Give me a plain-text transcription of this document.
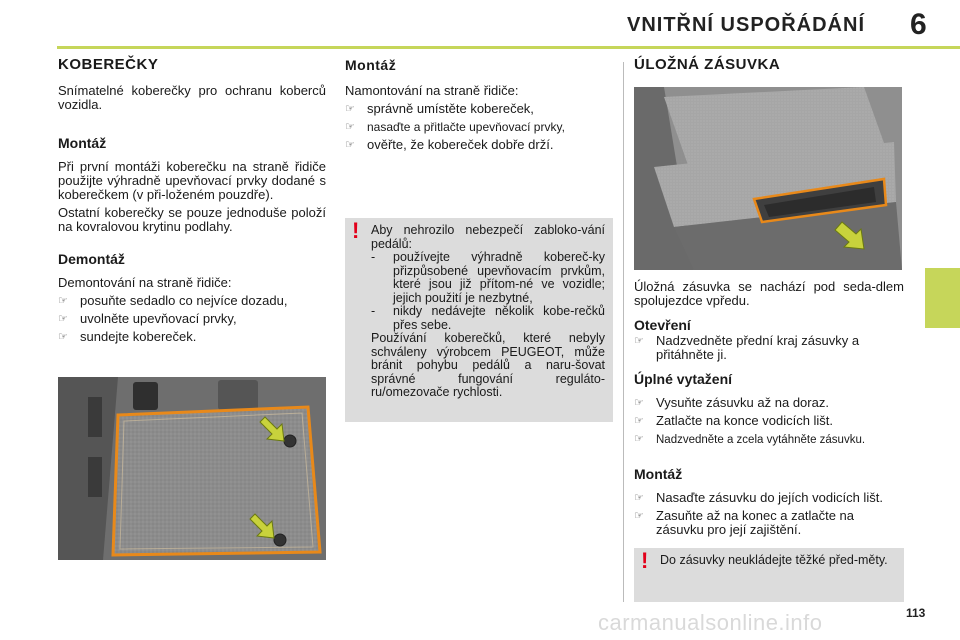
VNITŘNÍ USPOŘÁDÁNÍ 6
KOBEREČKY

Snímatelné koberečky pro ochranu koberců vozidla.

Montáž

Při první montáži koberečku na straně řidiče použijte výhradně upevňovací prvky dodané s koberečkem (v při-loženém pouzdře).

Ostatní koberečky se pouze jednoduše položí na kovralovou krytinu podlahy.

Demontáž

Demontování na straně řidiče:

☞ posuňte sedadlo co nejvíce dozadu,
☞ uvolněte upevňovací prvky,
☞ sundejte kobereček.
Montáž

Namontování na straně řidiče:

☞ správně umístěte kobereček,
☞ nasaďte a přitlačte upevňovací prvky,
☞ ověřte, že kobereček dobře drží.
! Aby nehrozilo nebezpečí zabloko-vání pedálů:

-	používejte výhradně kobereč-ky přizpůsobené upevňovacím prvkům, které jsou již přítom-né ve vozidle; jejich použití je nezbytné,
-	nikdy nedávejte několik kobe-rečků přes sebe.

Používání koberečků, které nebyly schváleny výrobcem PEUGEOT, může bránit pohybu pedálů a naru-šovat správné fungování reguláto-ru/omezovače rychlosti.

ÚLOŽNÁ ZÁSUVKA

Úložná zásuvka se nachází pod seda-dlem spolujezdce vpředu.

Otevření
☞ Nadzvedněte přední kraj zásuvky a přitáhněte ji.
Úplné vytažení
☞ Vysuňte zásuvku až na doraz.
☞ Zatlačte na konce vodicích lišt.
☞ Nadzvedněte a zcela vytáhněte zásuvku.
Montáž
☞ Nasaďte zásuvku do jejích vodicích lišt.
☞ Zasuňte až na konec a zatlačte na zásuvku pro její zajištění.
! Do zásuvky neukládejte těžké před-měty.

carmanualsonline.info	113
